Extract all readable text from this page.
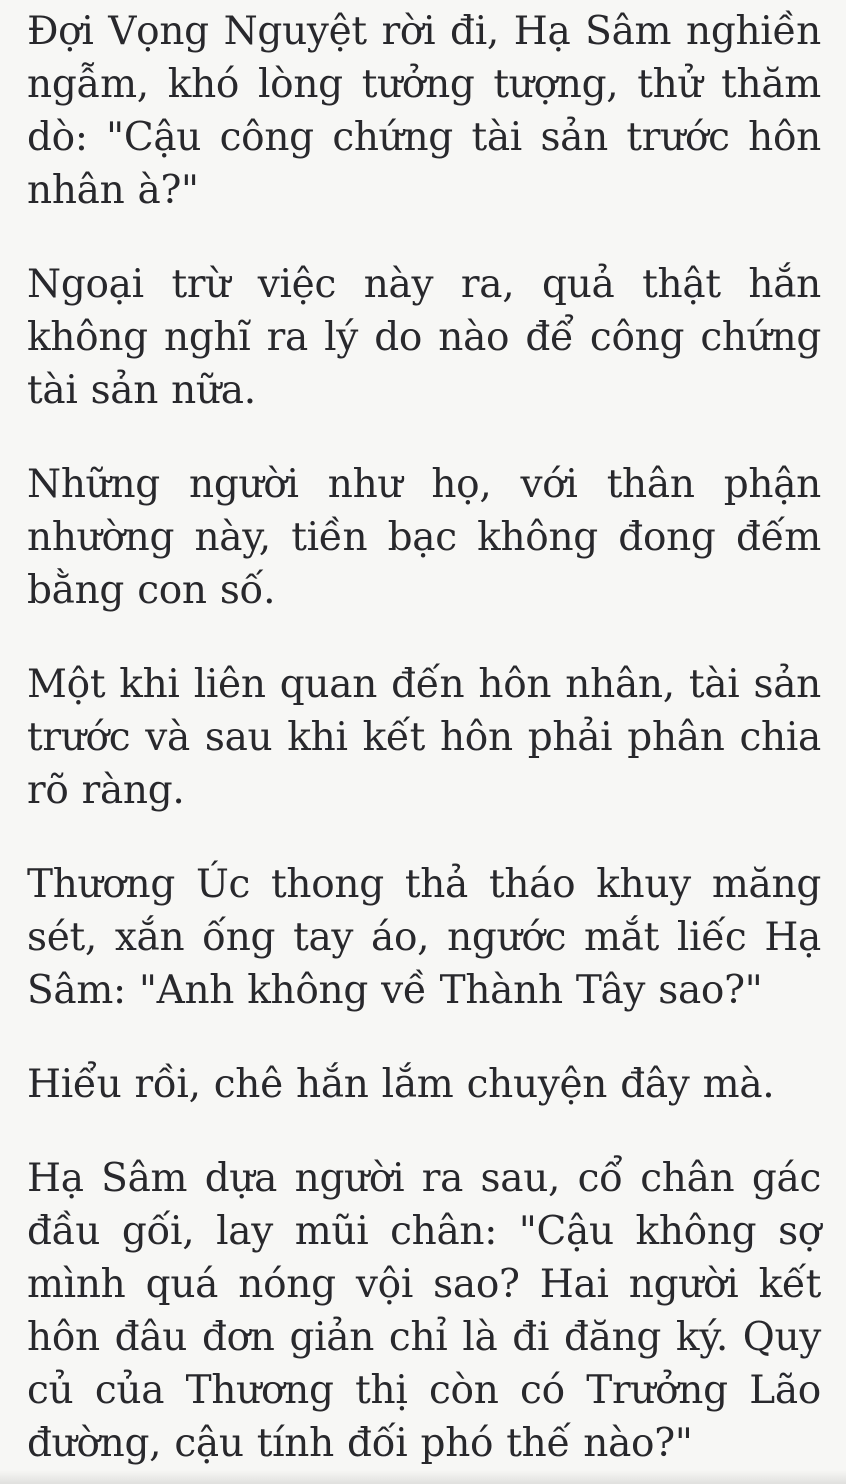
Đợi Vọng Nguyệt rời đi, Hạ Sâm nghiền ngẫm, khó lòng tưởng tượng, thử thăm dò: "Cậu công chứng tài sản trước hôn nhân à?"

Ngoại trừ việc này ra, quả thật hắn không nghĩ ra lý do nào để công chứng tài sản nữa.

Những người như họ, với thân phận nhường này, tiền bạc không đong đếm bằng con số.

Một khi liên quan đến hôn nhân, tài sản trước và sau khi kết hôn phải phân chia rõ ràng.

Thương Úc thong thả tháo khuy măng sét, xắn ống tay áo, ngước mắt liếc Hạ Sâm: "Anh không về Thành Tây sao?"

Hiểu rồi, chê hắn lắm chuyện đây mà.

Hạ Sâm dựa người ra sau, cổ chân gác đầu gối, lay mũi chân: "Cậu không sợ mình quá nóng vội sao? Hai người kết hôn đâu đơn giản chỉ là đi đăng ký. Quy củ của Thương thị còn có Trưởng Lão đường, cậu tính đối phó thế nào?"
